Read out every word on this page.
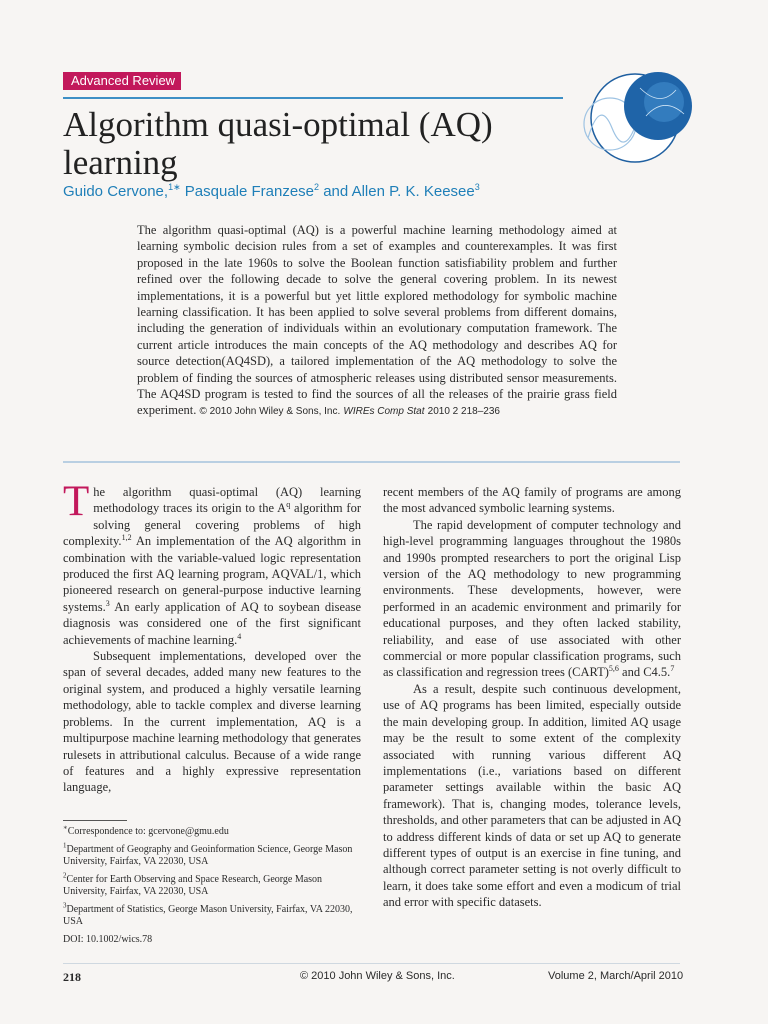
Advanced Review
Algorithm quasi-optimal (AQ) learning
Guido Cervone,$^{1∗}$ Pasquale Franzese$^2$ and Allen P. K. Keesee$^3$
The algorithm quasi-optimal (AQ) is a powerful machine learning methodology aimed at learning symbolic decision rules from a set of examples and counterexamples. It was first proposed in the late 1960s to solve the Boolean function satisfiability problem and further refined over the following decade to solve the general covering problem. In its newest implementations, it is a powerful but yet little explored methodology for symbolic machine learning classification. It has been applied to solve several problems from different domains, including the generation of individuals within an evolutionary computation framework. The current article introduces the main concepts of the AQ methodology and describes AQ for source detection(AQ4SD), a tailored implementation of the AQ methodology to solve the problem of finding the sources of atmospheric releases using distributed sensor measurements. The AQ4SD program is tested to find the sources of all the releases of the prairie grass field experiment. © 2010 John Wiley & Sons, Inc. WIREs Comp Stat 2010 2 218–236

The algorithm quasi-optimal (AQ) learning methodology traces its origin to the $A^q$ algorithm for solving general covering problems of high complexity.$^{1,2}$ An implementation of the AQ algorithm in combination with the variable-valued logic representation produced the first AQ learning program, AQVAL/1, which pioneered research on general-purpose inductive learning systems.$^3$ An early application of AQ to soybean disease diagnosis was considered one of the first significant achievements of machine learning.$^4$

Subsequent implementations, developed over the span of several decades, added many new features to the original system, and produced a highly versatile learning methodology, able to tackle complex and diverse learning problems. In the current implementation, AQ is a multipurpose machine learning methodology that generates rulesets in attributional calculus. Because of a wide range of features and a highly expressive representation language,

∗Correspondence to: gcervone@gmu.edu

$^1$Department of Geography and Geoinformation Science, George Mason University, Fairfax, VA 22030, USA

$^2$Center for Earth Observing and Space Research, George Mason University, Fairfax, VA 22030, USA

$^3$Department of Statistics, George Mason University, Fairfax, VA 22030, USA

DOI: 10.1002/wics.78

recent members of the AQ family of programs are among the most advanced symbolic learning systems.

The rapid development of computer technology and high-level programming languages throughout the 1980s and 1990s prompted researchers to port the original Lisp version of the AQ methodology to new programming environments. These developments, however, were performed in an academic environment and primarily for educational purposes, and they often lacked stability, reliability, and ease of use associated with other commercial or more popular classification programs, such as classification and regression trees (CART)$^{5,6}$ and C4.5.$^7$

As a result, despite such continuous development, use of AQ programs has been limited, especially outside the main developing group. In addition, limited AQ usage may be the result to some extent of the complexity associated with running various different AQ implementations (i.e., variations based on different parameter settings available within the basic AQ framework). That is, changing modes, tolerance levels, thresholds, and other parameters that can be adjusted in AQ to address different kinds of data or set up AQ to generate different types of output is an exercise in fine tuning, and although correct parameter setting is not overly difficult to learn, it does take some effort and even a modicum of trial and error with specific datasets.

218	© 2010 John Wiley & Sons, Inc.	Volume 2, March/April 2010
